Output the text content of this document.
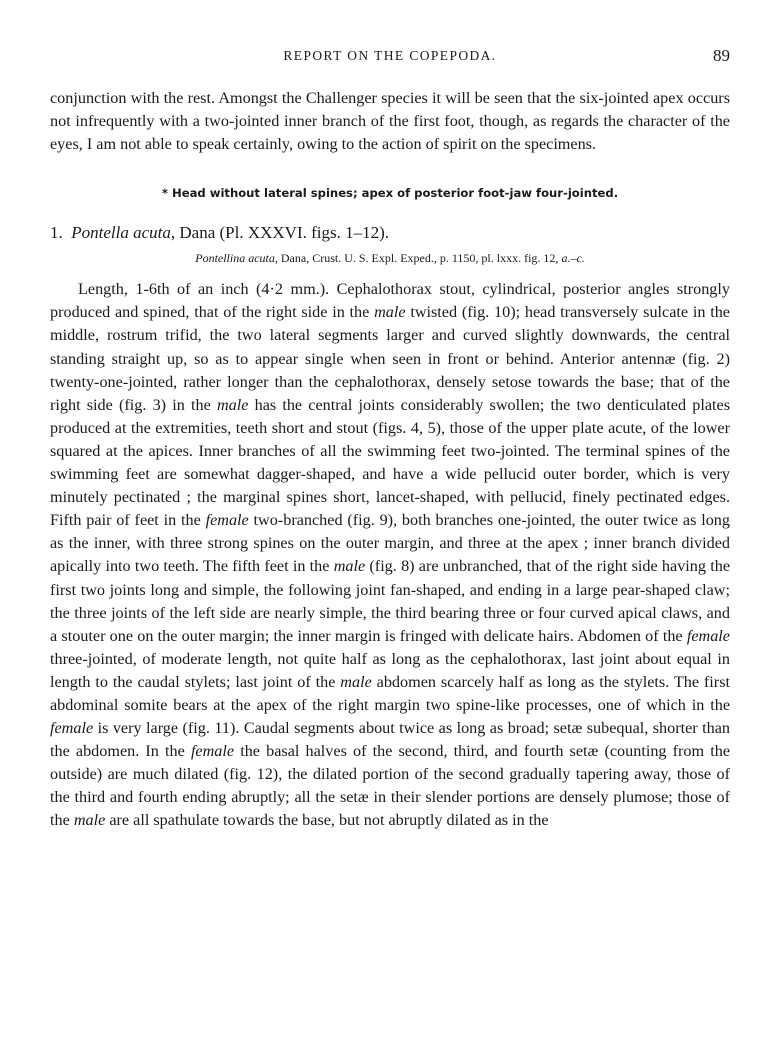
REPORT ON THE COPEPODA.	89

conjunction with the rest. Amongst the Challenger species it will be seen that the six-jointed apex occurs not infrequently with a two-jointed inner branch of the first foot, though, as regards the character of the eyes, I am not able to speak certainly, owing to the action of spirit on the specimens.

* Head without lateral spines; apex of posterior foot-jaw four-jointed.

1. Pontella acuta, Dana (Pl. XXXVI. figs. 1–12).

Pontellina acuta, Dana, Crust. U. S. Expl. Exped., p. 1150, pl. lxxx. fig. 12, a.–c.

Length, 1-6th of an inch (4·2 mm.). Cephalothorax stout, cylindrical, posterior angles strongly produced and spined, that of the right side in the male twisted (fig. 10); head transversely sulcate in the middle, rostrum trifid, the two lateral segments larger and curved slightly downwards, the central standing straight up, so as to appear single when seen in front or behind. Anterior antennæ (fig. 2) twenty-one-jointed, rather longer than the cephalothorax, densely setose towards the base; that of the right side (fig. 3) in the male has the central joints considerably swollen; the two denticulated plates produced at the extremities, teeth short and stout (figs. 4, 5), those of the upper plate acute, of the lower squared at the apices. Inner branches of all the swimming feet two-jointed. The terminal spines of the swimming feet are somewhat dagger-shaped, and have a wide pellucid outer border, which is very minutely pectinated ; the marginal spines short, lancet-shaped, with pellucid, finely pectinated edges. Fifth pair of feet in the female two-branched (fig. 9), both branches one-jointed, the outer twice as long as the inner, with three strong spines on the outer margin, and three at the apex ; inner branch divided apically into two teeth. The fifth feet in the male (fig. 8) are unbranched, that of the right side having the first two joints long and simple, the following joint fan-shaped, and ending in a large pear-shaped claw; the three joints of the left side are nearly simple, the third bearing three or four curved apical claws, and a stouter one on the outer margin; the inner margin is fringed with delicate hairs. Abdomen of the female three-jointed, of moderate length, not quite half as long as the cephalothorax, last joint about equal in length to the caudal stylets; last joint of the male abdomen scarcely half as long as the stylets. The first abdominal somite bears at the apex of the right margin two spine-like processes, one of which in the female is very large (fig. 11). Caudal segments about twice as long as broad; setæ subequal, shorter than the abdomen. In the female the basal halves of the second, third, and fourth setæ (counting from the outside) are much dilated (fig. 12), the dilated portion of the second gradually tapering away, those of the third and fourth ending abruptly; all the setæ in their slender portions are densely plumose; those of the male are all spathulate towards the base, but not abruptly dilated as in the
